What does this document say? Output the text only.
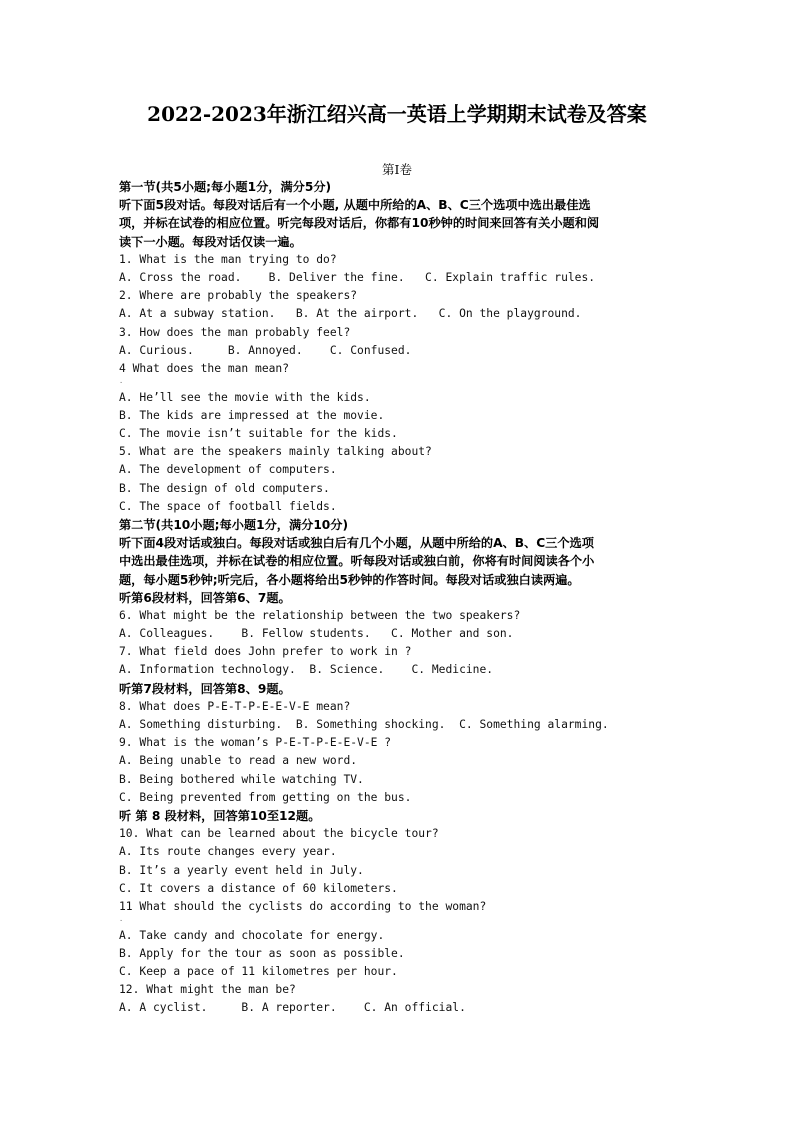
2022-2023年浙江绍兴高一英语上学期期末试卷及答案
第I卷
第一节(共5小题;每小题1分，满分5分)
听下面5段对话。每段对话后有一个小题, 从题中所给的A、B、C三个选项中选出最佳选
项，并标在试卷的相应位置。听完每段对话后，你都有10秒钟的时间来回答有关小题和阅
读下一小题。每段对话仅读一遍。
1. What is the man trying to do?
A. Cross the road.    B. Deliver the fine.   C. Explain traffic rules.
2. Where are probably the speakers?
A. At a subway station.   B. At the airport.   C. On the playground.
3. How does the man probably feel?
A. Curious.     B. Annoyed.    C. Confused.
4 What does the man mean?
·
A. He’ll see the movie with the kids.
B. The kids are impressed at the movie.
C. The movie isn’t suitable for the kids.
5. What are the speakers mainly talking about?
A. The development of computers.
B. The design of old computers.
C. The space of football fields.
第二节(共10小题;每小题1分，满分10分)
听下面4段对话或独白。每段对话或独白后有几个小题，从题中所给的A、B、C三个选项
中选出最佳选项，并标在试卷的相应位置。听每段对话或独白前，你将有时间阅读各个小
题，每小题5秒钟;听完后，各小题将给出5秒钟的作答时间。每段对话或独白读两遍。
听第6段材料，回答第6、7题。
6. What might be the relationship between the two speakers?
A. Colleagues.    B. Fellow students.   C. Mother and son.
7. What field does John prefer to work in ?
A. Information technology.  B. Science.    C. Medicine.
听第7段材料，回答第8、9题。
8. What does P-E-T-P-E-E-V-E mean?
A. Something disturbing.  B. Something shocking.  C. Something alarming.
9. What is the woman’s P-E-T-P-E-E-V-E ?
A. Being unable to read a new word.
B. Being bothered while watching TV.
C. Being prevented from getting on the bus.
听 第 8 段材料，回答第10至12题。
10. What can be learned about the bicycle tour?
A. Its route changes every year.
B. It’s a yearly event held in July.
C. It covers a distance of 60 kilometers.
11 What should the cyclists do according to the woman?
·
A. Take candy and chocolate for energy.
B. Apply for the tour as soon as possible.
C. Keep a pace of 11 kilometres per hour.
12. What might the man be?
A. A cyclist.     B. A reporter.    C. An official.
